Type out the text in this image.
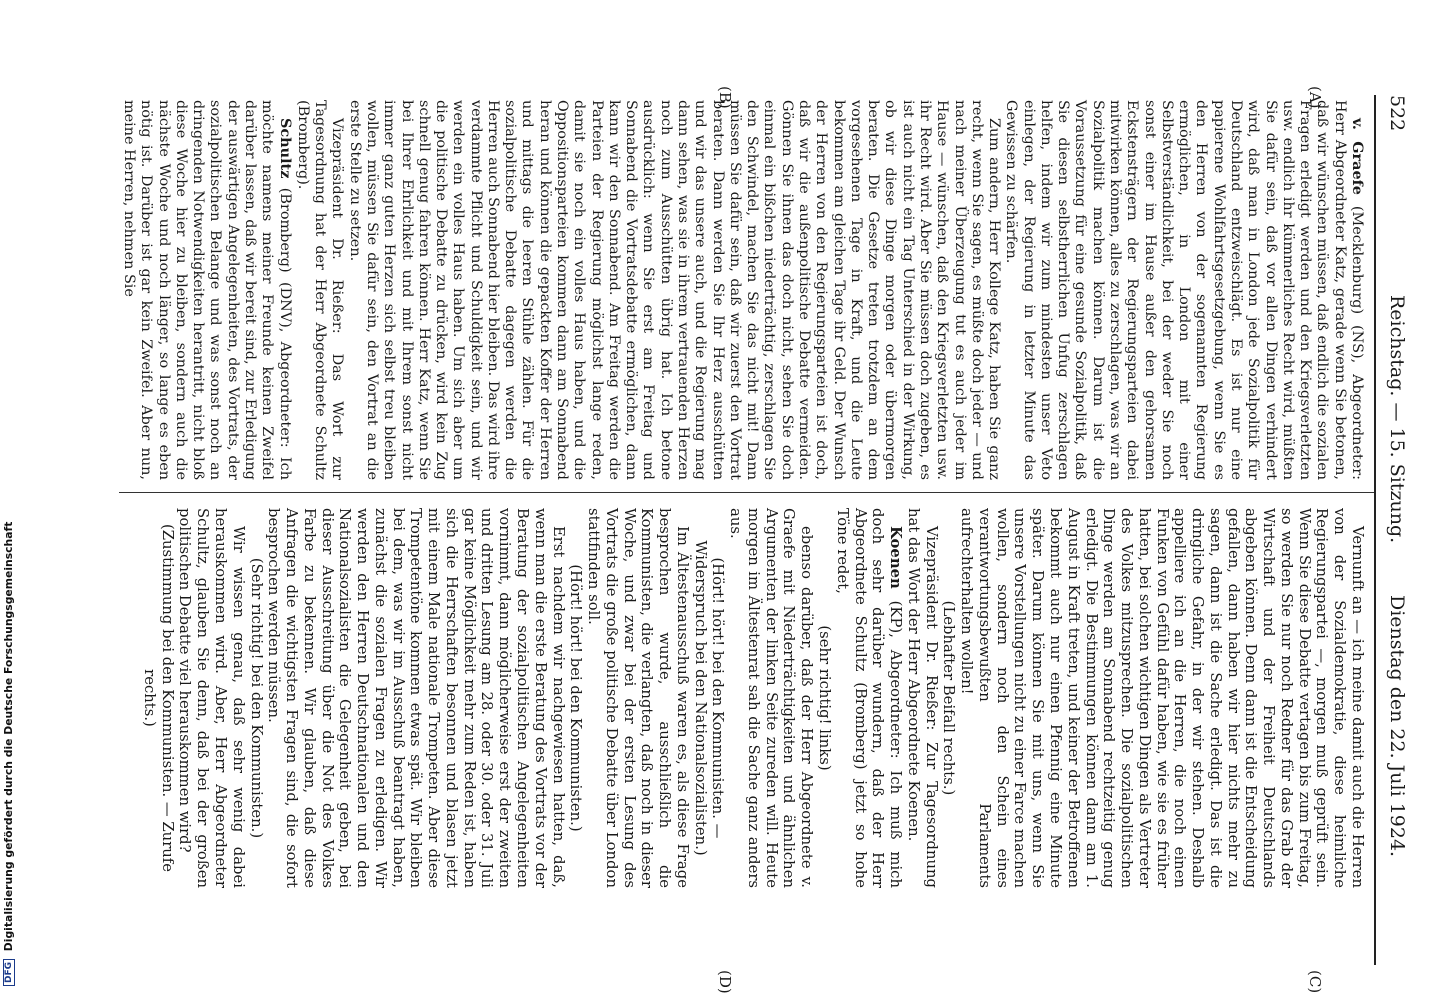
522
Reichstag. — 15. Sitzung.
Dienstag den 22. Juli 1924.
(A)
(B)
(C)
(D)

v. Graefe (Mecklenburg) (NS), Abgeordneter: Herr Abgeordneter Katz, gerade wenn Sie betonen, daß wir wünschen müssen, daß endlich die sozialen Fragen erledigt werden und den Kriegsverletzten usw. endlich ihr kümmerliches Recht wird, müßten Sie dafür sein, daß vor allen Dingen verhindert wird, daß man in London jede Sozialpolitik für Deutschland entzweischlägt. Es ist nur eine papierene Wohlfahrtsgesetzgebung, wenn Sie es den Herren von der sogenannten Regierung ermöglichen, in London mit einer Selbstverständlichkeit, bei der weder Sie noch sonst einer im Hause außer den gehorsamen Eckstensträgern der Regierungsparteien dabei mitwirken können, alles zu zerschlagen, was wir an Sozialpolitik machen können. Darum ist die Voraussetzung für eine gesunde Sozialpolitik, daß Sie diesen selbstherrlichen Unfug zerschlagen helfen, indem wir zum mindesten unser Veto einlegen, der Regierung in letzter Minute das Gewissen zu schärfen.

Zum andern, Herr Kollege Katz, haben Sie ganz recht, wenn Sie sagen, es müßte doch jeder — und nach meiner Überzeugung tut es auch jeder im Hause — wünschen, daß den Kriegsverletzten usw. ihr Recht wird. Aber Sie müssen doch zugeben, es ist auch nicht ein Tag Unterschied in der Wirkung, ob wir diese Dinge morgen oder übermorgen beraten. Die Gesetze treten trotzdem an dem vorgesehenen Tage in Kraft, und die Leute bekommen am gleichen Tage ihr Geld. Der Wunsch der Herren von den Regierungsparteien ist doch, daß wir die außenpolitische Debatte vermeiden. Gönnen Sie ihnen das doch nicht, sehen Sie doch einmal ein bißchen niederträchtig, zerschlagen Sie den Schwindel, machen Sie das nicht mit! Dann müssen Sie dafür sein, daß wir zuerst den Vortrat beraten. Dann werden Sie Ihr Herz ausschütten und wir das unsere auch, und die Regierung mag dann sehen, was sie in ihrem vertrauenden Herzen noch zum Ausschütten übrig hat. Ich betone ausdrücklich: wenn Sie erst am Freitag und Sonnabend die Vortratsdebatte ermöglichen, dann kann wir den Sonnabend. Am Freitag werden die Parteien der Regierung möglichst lange reden, damit sie noch ein volles Haus haben, und die Oppositionsparteien kommen dann am Sonnabend heran und können die gepackten Koffer der Herren und mittags die leeren Stühle zählen. Für die sozialpolitische Debatte dagegen werden die Herren auch Sonnabend hier bleiben. Das wird ihre verdammte Pflicht und Schuldigkeit sein, und wir werden ein volles Haus haben. Um sich aber um die politische Debatte zu drücken, wird kein Zug schnell genug fahren können. Herr Katz, wenn Sie bei Ihrer Ehrlichkeit und mit Ihrem sonst nicht immer ganz guten Herzen sich selbst treu bleiben wollen, müssen Sie dafür sein, den Vortrat an die erste Stelle zu setzen.

Vizepräsident Dr. Rießer: Das Wort zur Tagesordnung hat der Herr Abgeordnete Schultz (Bromberg).

Schultz (Bromberg) (DNV), Abgeordneter: Ich möchte namens meiner Freunde keinen Zweifel darüber lassen, daß wir bereit sind, zur Erledigung der auswärtigen Angelegenheiten, des Vortrats, der sozialpolitischen Belange und was sonst noch an dringenden Notwendigkeiten herantritt, nicht bloß diese Woche hier zu bleiben, sondern auch die nächste Woche und noch länger, so lange es eben nötig ist. Darüber ist gar kein Zweifel. Aber nun, meine Herren, nehmen Sie

Vernunft an — ich meine damit auch die Herren von der Sozialdemokratie, diese heimliche Regierungspartei —, morgen muß geprüft sein. Wenn Sie diese Debatte vertagen bis zum Freitag, so werden Sie nur noch Redner für das Grab der Wirtschaft und der Freiheit Deutschlands abgeben können. Denn dann ist die Entscheidung gefallen, dann haben wir hier nichts mehr zu sagen, dann ist die Sache erledigt. Das ist die dringliche Gefahr, in der wir stehen. Deshalb appelliere ich an die Herren, die noch einen Funken von Gefühl dafür haben, wie sie es früher hatten, bei solchen wichtigen Dingen als Vertreter des Volkes mitzusprechen. Die sozialpolitischen Dinge werden am Sonnabend rechtzeitig genug erledigt. Die Bestimmungen können dann am 1. August in Kraft treten, und keiner der Betroffenen bekommt auch nur einen Pfennig eine Minute später. Darum können Sie mit uns, wenn Sie unsere Vorstellungen nicht zu einer Farce machen wollen, sondern noch den Schein eines verantwortungsbewußten Parlaments aufrechterhalten wollen!

(Lebhafter Beifall rechts.)

Vizepräsident Dr. Rießer: Zur Tagesordnung hat das Wort der Herr Abgeordnete Koenen.

Koenen (KP), Abgeordneter: Ich muß mich doch sehr darüber wundern, daß der Herr Abgeordnete Schultz (Bromberg) jetzt so hohe Töne redet,

(sehr richtig! links)

ebenso darüber, daß der Herr Abgeordnete v. Graefe mit Niederträchtigkeiten und ähnlichen Argumenten der linken Seite zureden will. Heute morgen im Ältestenrat sah die Sache ganz anders aus.

(Hört! hört! bei den Kommunisten. — Widerspruch bei den Nationalsozialisten.)

Im Ältestenausschuß waren es, als diese Frage besprochen wurde, ausschließlich die Kommunisten, die verlangten, daß noch in dieser Woche, und zwar bei der ersten Lesung des Vortrats die große politische Debatte über London stattfinden soll.

(Hört! hört! bei den Kommunisten.)

Erst nachdem wir nachgewiesen hatten, daß, wenn man die erste Beratung des Vortrats vor der Beratung der sozialpolitischen Angelegenheiten vornimmt, dann möglicherweise erst der zweiten und dritten Lesung am 28. oder 30. oder 31. Juli gar keine Möglichkeit mehr zum Reden ist, haben sich die Herrschaften besonnen und blasen jetzt mit einem Male nationale Trompeten. Aber diese Trompetentöne kommen etwas spät. Wir bleiben bei dem, was wir im Ausschuß beantragt haben, zunächst die sozialen Fragen zu erledigen. Wir werden den Herren Deutschnationalen und den Nationalsozialisten die Gelegenheit geben, bei dieser Ausschreitung über die Not des Volkes Farbe zu bekennen. Wir glauben, daß diese Anfragen die wichtigsten Fragen sind, die sofort besprochen werden müssen.

(Sehr richtig! bei den Kommunisten.)

Wir wissen genau, daß sehr wenig dabei herauskommen wird. Aber, Herr Abgeordneter Schultz, glauben Sie denn, daß bei der großen politischen Debatte viel herauskommen wird?

(Zustimmung bei den Kommunisten. — Zurufe rechts.)

DFG Digitalisierung gefördert durch die Deutsche Forschungsgemeinschaft
